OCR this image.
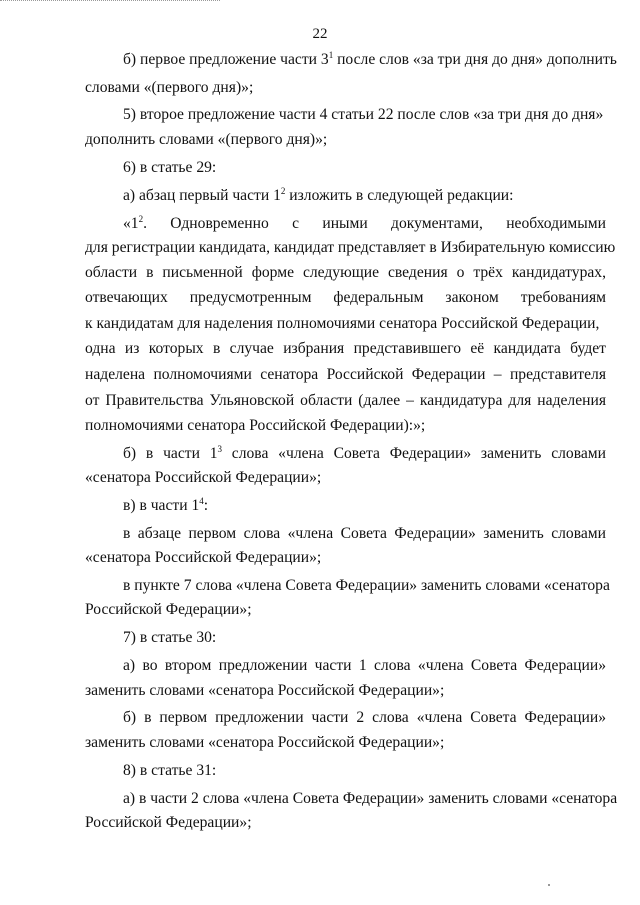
22
б) первое предложение части $3^1$ после слов «за три дня до дня» дополнить
словами «(первого дня)»;
5) второе предложение части 4 статьи 22 после слов «за три дня до дня»
дополнить словами «(первого дня)»;
6) в статье 29:
а) абзац первый части $1^2$ изложить в следующей редакции:
«$1^2$. Одновременно с иными документами, необходимыми
для регистрации кандидата, кандидат представляет в Избирательную комиссию
области в письменной форме следующие сведения о трёх кандидатурах,
отвечающих предусмотренным федеральным законом требованиям
к кандидатам для наделения полномочиями сенатора Российской Федерации,
одна из которых в случае избрания представившего её кандидата будет
наделена полномочиями сенатора Российской Федерации – представителя
от Правительства Ульяновской области (далее – кандидатура для наделения
полномочиями сенатора Российской Федерации):»;
б) в части $1^3$ слова «члена Совета Федерации» заменить словами
«сенатора Российской Федерации»;
в) в части $1^4$:
в абзаце первом слова «члена Совета Федерации» заменить словами
«сенатора Российской Федерации»;
в пункте 7 слова «члена Совета Федерации» заменить словами «сенатора
Российской Федерации»;
7) в статье 30:
а) во втором предложении части 1 слова «члена Совета Федерации»
заменить словами «сенатора Российской Федерации»;
б) в первом предложении части 2 слова «члена Совета Федерации»
заменить словами «сенатора Российской Федерации»;
8) в статье 31:
а) в части 2 слова «члена Совета Федерации» заменить словами «сенатора
Российской Федерации»;
